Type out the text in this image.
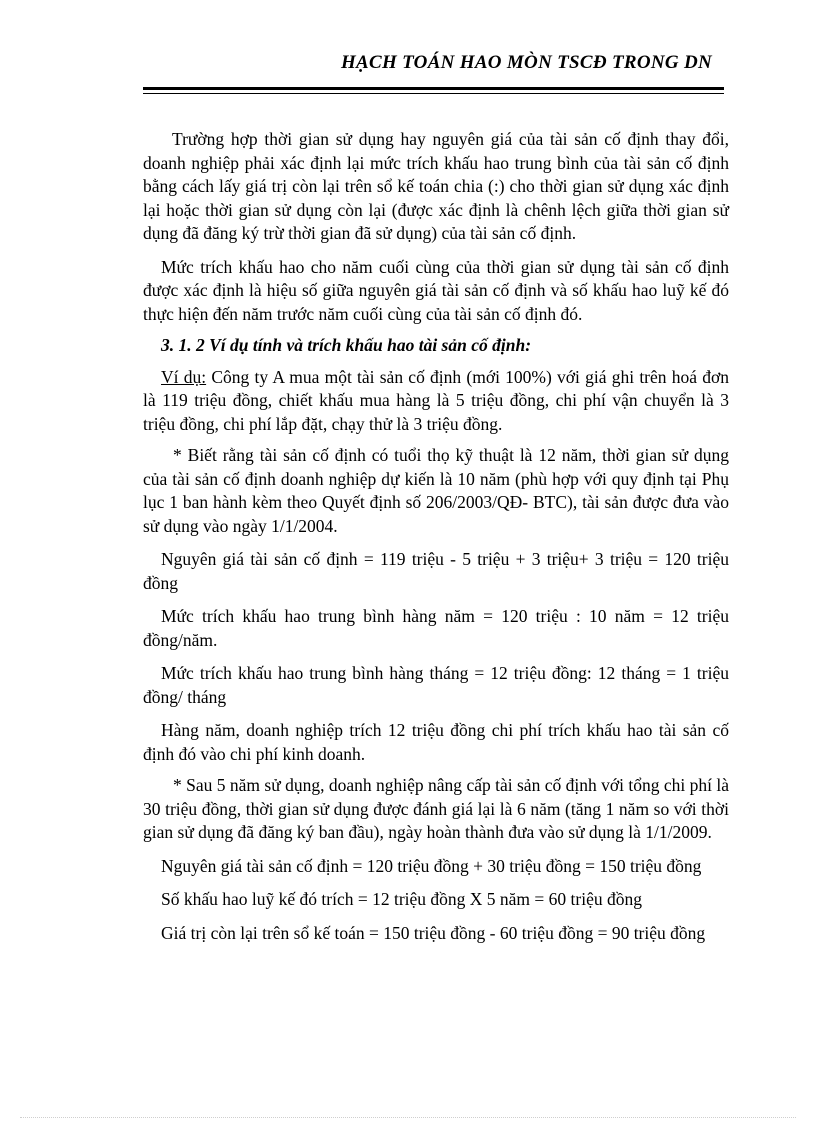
HẠCH TOÁN HAO MÒN TSCĐ TRONG DN

Trường hợp thời gian sử dụng hay nguyên giá của tài sản cố định thay đổi, doanh nghiệp phải xác định lại mức trích khấu hao trung bình của tài sản cố định bằng cách lấy giá trị còn lại trên sổ kế toán chia (:) cho thời gian sử dụng xác định lại hoặc thời gian sử dụng còn lại (được xác định là chênh lệch giữa thời gian sử dụng đã đăng ký trừ thời gian đã sử dụng) của tài sản cố định.

Mức trích khấu hao cho năm cuối cùng của thời gian sử dụng tài sản cố định được xác định là hiệu số giữa nguyên giá tài sản cố định và số khấu hao luỹ kế đó thực hiện đến năm trước năm cuối cùng của tài sản cố định đó.

3. 1. 2 Ví dụ tính và trích khấu hao tài sản cố định:

Ví dụ: Công ty A mua một tài sản cố định (mới 100%) với giá ghi trên hoá đơn là 119 triệu đồng, chiết khấu mua hàng là 5 triệu đồng, chi phí vận chuyển là 3 triệu đồng, chi phí lắp đặt, chạy thử là 3 triệu đồng.

* Biết rằng tài sản cố định có tuổi thọ kỹ thuật là 12 năm, thời gian sử dụng của tài sản cố định doanh nghiệp dự kiến là 10 năm (phù hợp với quy định tại Phụ lục 1 ban hành kèm theo Quyết định số 206/2003/QĐ- BTC), tài sản được đưa vào sử dụng vào ngày 1/1/2004.

Nguyên giá tài sản cố định = 119 triệu - 5 triệu + 3 triệu+ 3 triệu = 120 triệu đồng

Mức trích khấu hao trung bình hàng năm = 120 triệu : 10 năm = 12 triệu đồng/năm.

Mức trích khấu hao trung bình hàng tháng = 12 triệu đồng: 12 tháng = 1 triệu đồng/ tháng

Hàng năm, doanh nghiệp trích 12 triệu đồng chi phí trích khấu hao tài sản cố định đó vào chi phí kinh doanh.

* Sau 5 năm sử dụng, doanh nghiệp nâng cấp tài sản cố định với tổng chi phí là 30 triệu đồng, thời gian sử dụng được đánh giá lại là 6 năm (tăng 1 năm so với thời gian sử dụng đã đăng ký ban đầu), ngày hoàn thành đưa vào sử dụng là 1/1/2009.

Nguyên giá tài sản cố định = 120 triệu đồng + 30 triệu đồng = 150 triệu đồng

Số khấu hao luỹ kế đó trích = 12 triệu đồng X 5 năm = 60 triệu đồng

Giá trị còn lại trên sổ kế toán = 150 triệu đồng - 60 triệu đồng = 90 triệu đồng
